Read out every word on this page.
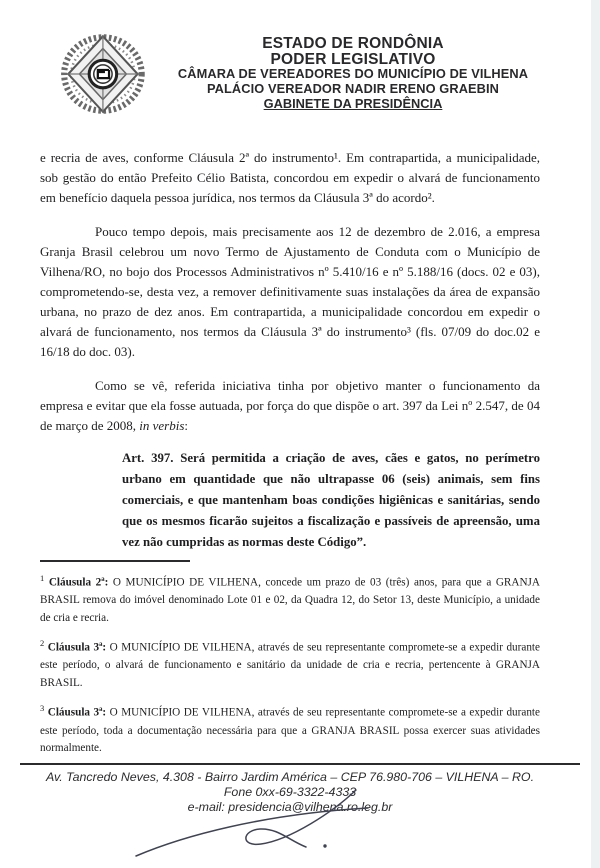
ESTADO DE RONDÔNIA
PODER LEGISLATIVO
CÂMARA DE VEREADORES DO MUNICÍPIO DE VILHENA
PALÁCIO VEREADOR NADIR ERENO GRAEBIN
GABINETE DA PRESIDÊNCIA

e recria de aves, conforme Cláusula 2ª do instrumento¹. Em contrapartida, a municipalidade, sob gestão do então Prefeito Célio Batista, concordou em expedir o alvará de funcionamento em benefício daquela pessoa jurídica, nos termos da Cláusula 3ª do acordo².

Pouco tempo depois, mais precisamente aos 12 de dezembro de 2.016, a empresa Granja Brasil celebrou um novo Termo de Ajustamento de Conduta com o Município de Vilhena/RO, no bojo dos Processos Administrativos nº 5.410/16 e nº 5.188/16 (docs. 02 e 03), comprometendo-se, desta vez, a remover definitivamente suas instalações da área de expansão urbana, no prazo de dez anos. Em contrapartida, a municipalidade concordou em expedir o alvará de funcionamento, nos termos da Cláusula 3ª do instrumento³ (fls. 07/09 do doc.02 e 16/18 do doc. 03).

Como se vê, referida iniciativa tinha por objetivo manter o funcionamento da empresa e evitar que ela fosse autuada, por força do que dispõe o art. 397 da Lei nº 2.547, de 04 de março de 2008, in verbis:

Art. 397. Será permitida a criação de aves, cães e gatos, no perímetro urbano em quantidade que não ultrapasse 06 (seis) animais, sem fins comerciais, e que mantenham boas condições higiênicas e sanitárias, sendo que os mesmos ficarão sujeitos a fiscalização e passíveis de apreensão, uma vez não cumpridas as normas deste Código”.

$^1$ Cláusula 2ª: O MUNICÍPIO DE VILHENA, concede um prazo de 03 (três) anos, para que a GRANJA BRASIL remova do imóvel denominado Lote 01 e 02, da Quadra 12, do Setor 13, deste Município, a unidade de cria e recria.

$^2$ Cláusula 3ª: O MUNICÍPIO DE VILHENA, através de seu representante compromete-se a expedir durante este período, o alvará de funcionamento e sanitário da unidade de cria e recria, pertencente à GRANJA BRASIL.

$^3$ Cláusula 3ª: O MUNICÍPIO DE VILHENA, através de seu representante compromete-se a expedir durante este período, toda a documentação necessária para que a GRANJA BRASIL possa exercer suas atividades normalmente.

Av. Tancredo Neves, 4.308 - Bairro Jardim América – CEP 76.980-706 – VILHENA – RO.
Fone 0xx-69-3322-4333
e-mail: presidencia@vilhena.ro.leg.br
